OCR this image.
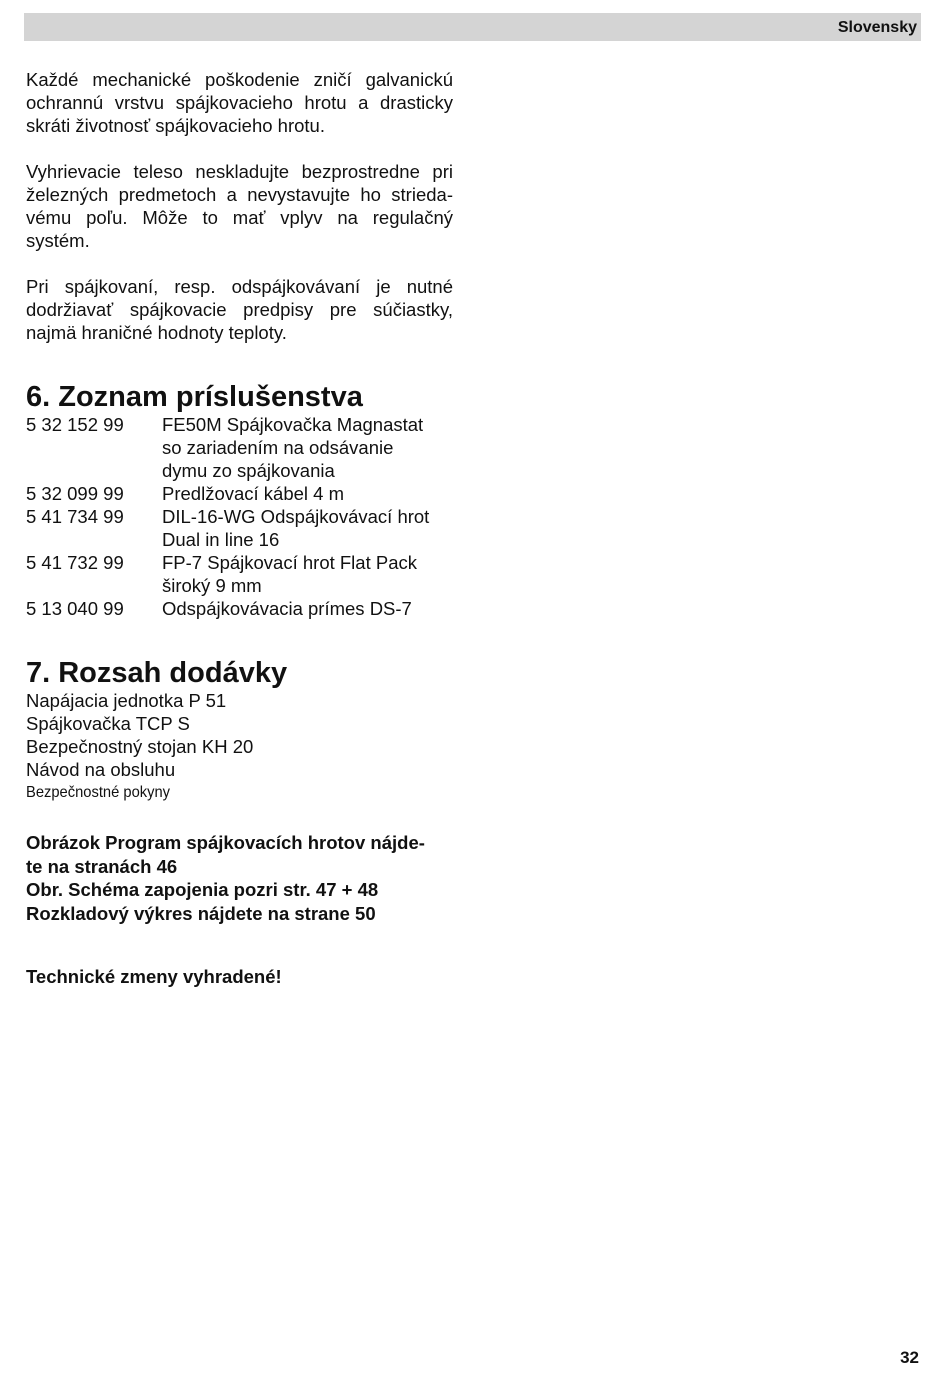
Slovensky

Každé mechanické poškodenie zničí galvanickú
ochrannú vrstvu spájkovacieho hrotu a drasticky
skráti životnosť spájkovacieho hrotu.

Vyhrievacie teleso neskladujte bezprostredne pri
železných predmetoch a nevystavujte ho strieda-
vému poľu. Môže to mať vplyv na regulačný
systém.

Pri spájkovaní, resp. odspájkovávaní je nutné
dodržiavať spájkovacie predpisy pre súčiastky,
najmä hraničné hodnoty teploty.

6. Zoznam príslušenstva
5 32 152 99	FE50M Spájkovačka Magnastat
so zariadením na odsávanie
dymu zo spájkovania
5 32 099 99	Predlžovací kábel 4 m
5 41 734 99	DIL-16-WG Odspájkovávací hrot
Dual in line 16
5 41 732 99	FP-7 Spájkovací hrot Flat Pack
široký 9 mm
5 13 040 99	Odspájkovávacia prímes DS-7
7. Rozsah dodávky
Napájacia jednotka P 51
Spájkovačka TCP S
Bezpečnostný stojan KH 20
Návod na obsluhu
Bezpečnostné pokyny
Obrázok Program spájkovacích hrotov nájde-
te na stranách 46
Obr. Schéma zapojenia pozri str. 47 + 48
Rozkladový výkres nájdete na strane 50
Technické zmeny vyhradené!
32
